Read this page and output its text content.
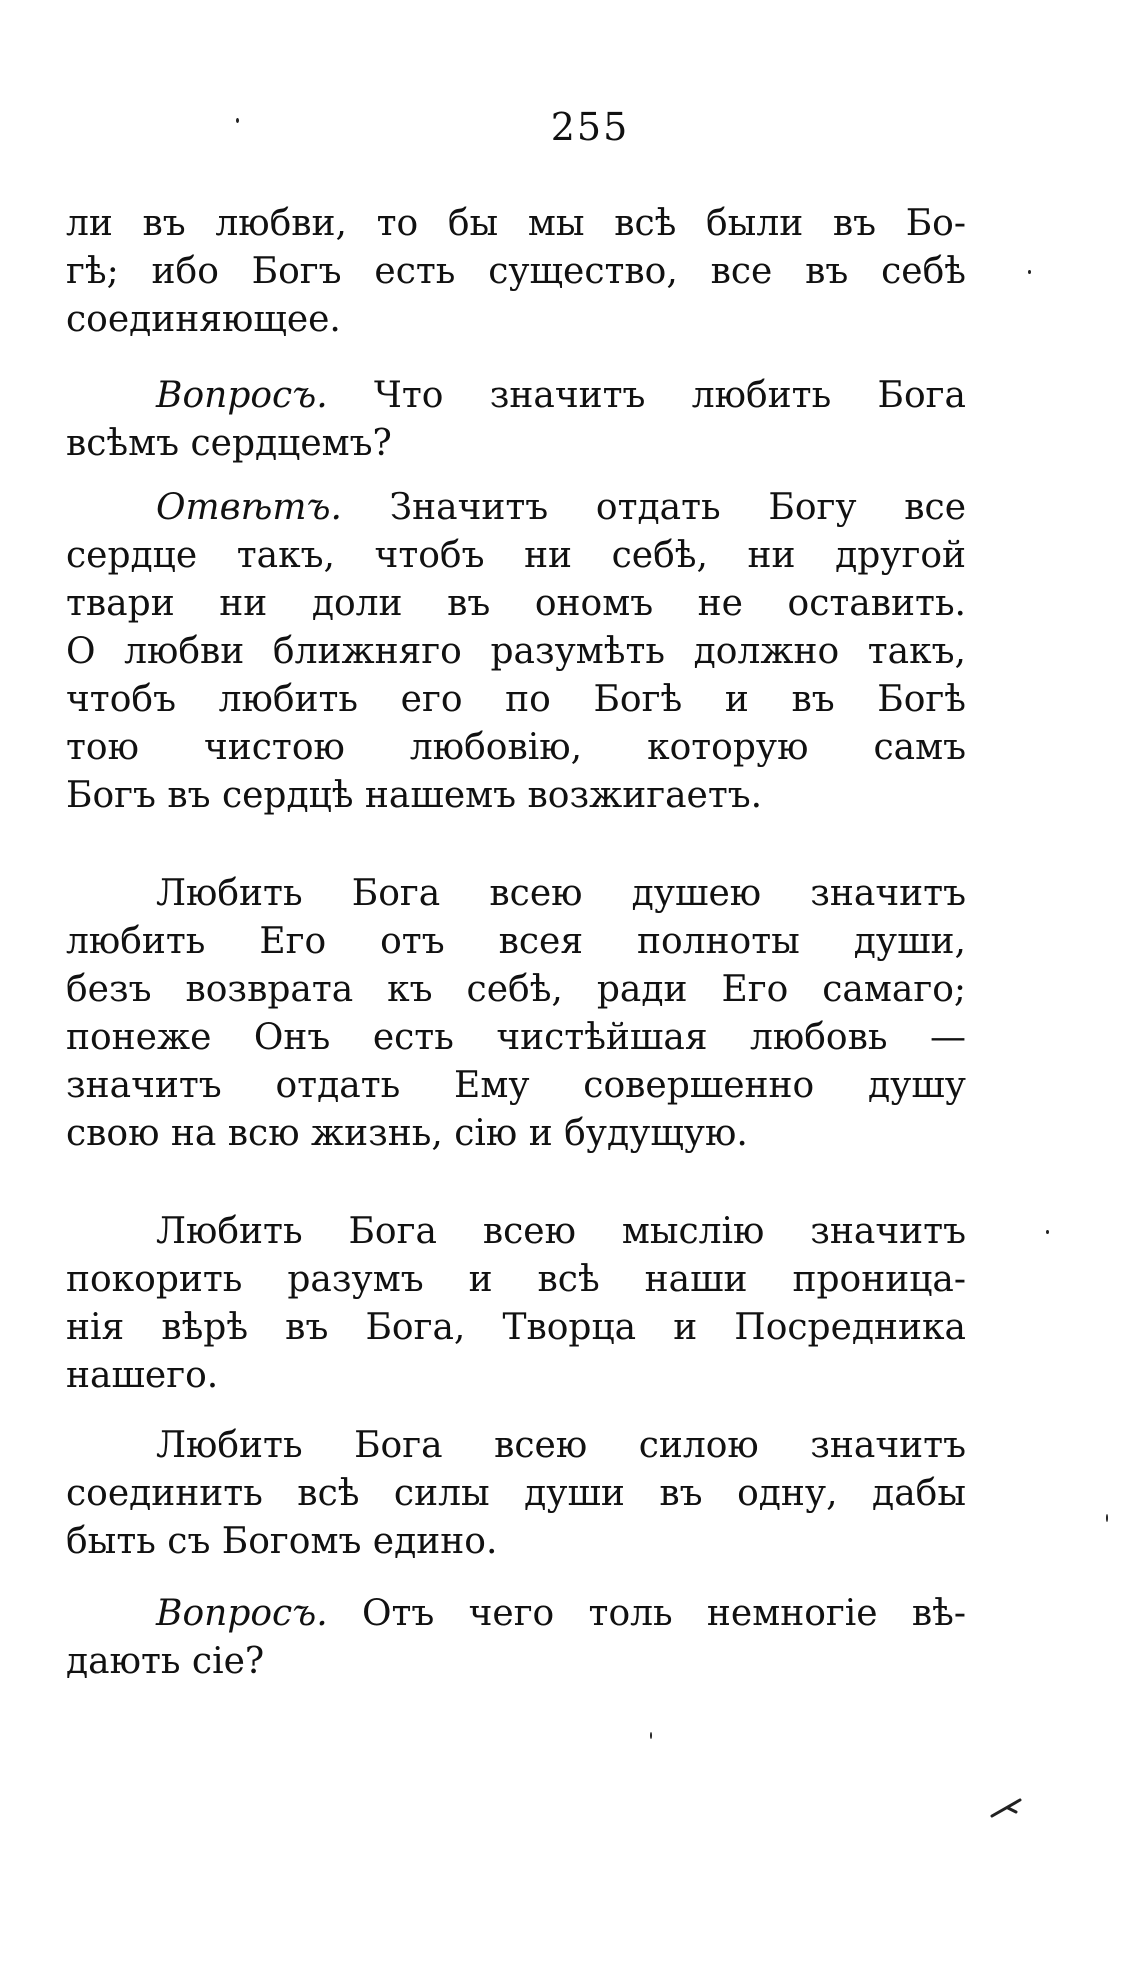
255
ли въ любви, то бы мы всѣ были въ Бо-
гѣ; ибо Богъ есть существо, все въ себѣ
соединяющее.
Вопросъ. Что значитъ любить Бога
всѣмъ сердцемъ?
Отвѣтъ. Значитъ отдать Богу все
сердце такъ, чтобъ ни себѣ, ни другой
твари ни доли въ ономъ не оставить.
О любви ближняго разумѣть должно такъ,
чтобъ любить его по Богѣ и въ Богѣ
тою чистою любовію, которую самъ
Богъ въ сердцѣ нашемъ возжигаетъ.
Любить Бога всею душею значитъ
любить Его отъ всея полноты души,
безъ возврата къ себѣ, ради Его самаго;
понеже Онъ есть чистѣйшая любовь —
значитъ отдать Ему совершенно душу
свою на всю жизнь, сію и будущую.
Любить Бога всею мыслію значитъ
покорить разумъ и всѣ наши проница-
нія вѣрѣ въ Бога, Творца и Посредника
нашего.
Любить Бога всею силою значитъ
соединить всѣ силы души въ одну, дабы
быть съ Богомъ едино.
Вопросъ. Отъ чего толь немногіе вѣ-
дають сіе?
